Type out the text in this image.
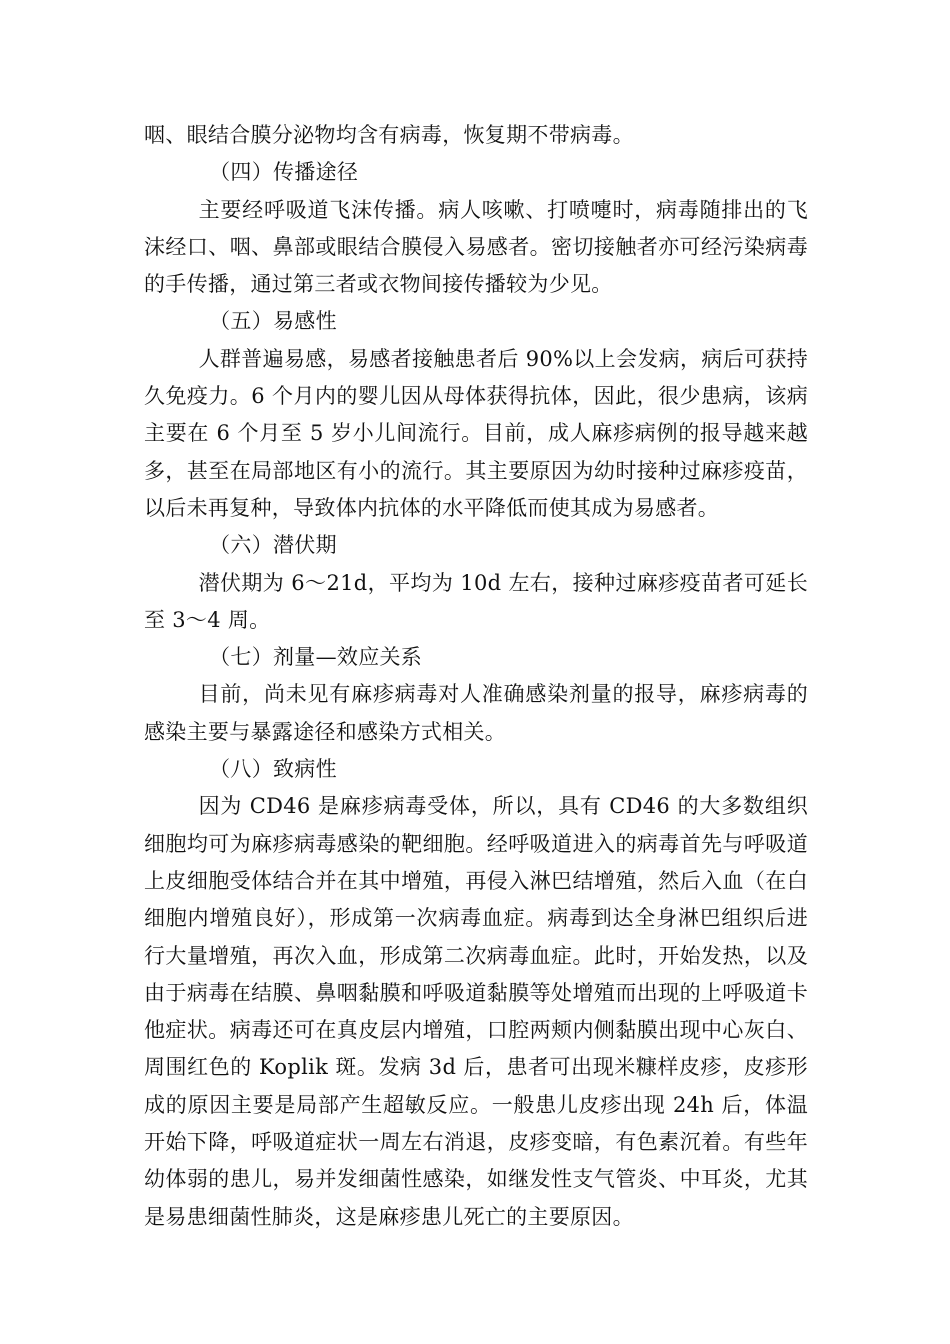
咽、眼结合膜分泌物均含有病毒，恢复期不带病毒。

（四）传播途径

主要经呼吸道飞沫传播。病人咳嗽、打喷嚏时，病毒随排出的飞沫经口、咽、鼻部或眼结合膜侵入易感者。密切接触者亦可经污染病毒的手传播，通过第三者或衣物间接传播较为少见。

（五）易感性

人群普遍易感，易感者接触患者后 90%以上会发病，病后可获持久免疫力。6 个月内的婴儿因从母体获得抗体，因此，很少患病，该病主要在 6 个月至 5 岁小儿间流行。目前，成人麻疹病例的报导越来越多，甚至在局部地区有小的流行。其主要原因为幼时接种过麻疹疫苗，以后未再复种，导致体内抗体的水平降低而使其成为易感者。

（六）潜伏期

潜伏期为 6～21d，平均为 10d 左右，接种过麻疹疫苗者可延长至 3～4 周。

（七）剂量—效应关系

目前，尚未见有麻疹病毒对人准确感染剂量的报导，麻疹病毒的感染主要与暴露途径和感染方式相关。

（八）致病性

因为 CD46 是麻疹病毒受体，所以，具有 CD46 的大多数组织细胞均可为麻疹病毒感染的靶细胞。经呼吸道进入的病毒首先与呼吸道上皮细胞受体结合并在其中增殖，再侵入淋巴结增殖，然后入血（在白细胞内增殖良好），形成第一次病毒血症。病毒到达全身淋巴组织后进行大量增殖，再次入血，形成第二次病毒血症。此时，开始发热，以及由于病毒在结膜、鼻咽黏膜和呼吸道黏膜等处增殖而出现的上呼吸道卡他症状。病毒还可在真皮层内增殖，口腔两颊内侧黏膜出现中心灰白、周围红色的 Koplik 斑。发病 3d 后，患者可出现米糠样皮疹，皮疹形成的原因主要是局部产生超敏反应。一般患儿皮疹出现 24h 后，体温开始下降，呼吸道症状一周左右消退，皮疹变暗，有色素沉着。有些年幼体弱的患儿，易并发细菌性感染，如继发性支气管炎、中耳炎，尤其是易患细菌性肺炎，这是麻疹患儿死亡的主要原因。
